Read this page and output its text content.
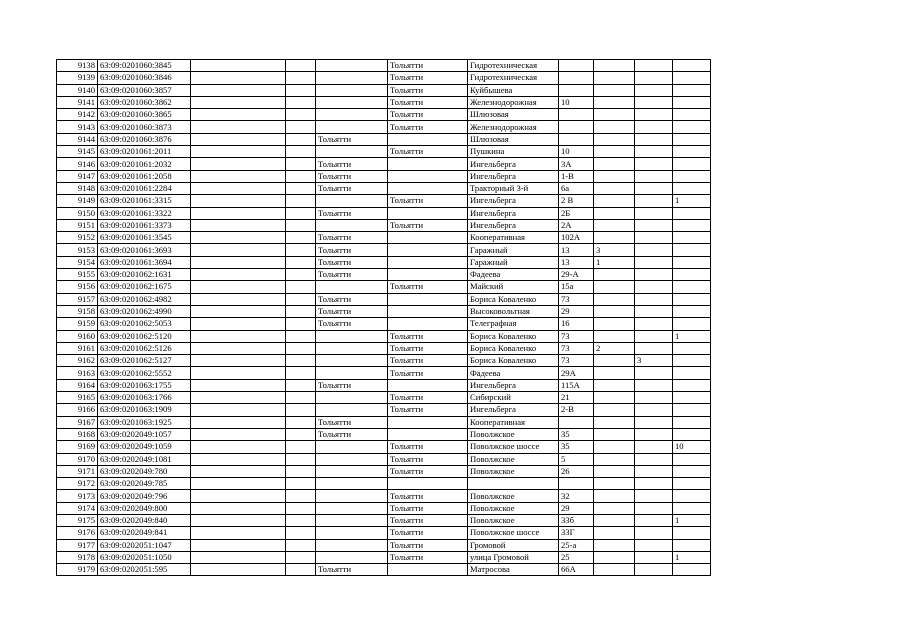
9138	63:09:0201060:3845				Тольятти	Гидротехническая				
9139	63:09:0201060:3846				Тольятти	Гидротехническая				
9140	63:09:0201060:3857				Тольятти	Куйбышева				
9141	63:09:0201060:3862				Тольятти	Железнодорожная	10			
9142	63:09:0201060:3865				Тольятти	Шлюзовая				
9143	63:09:0201060:3873				Тольятти	Железнодорожная				
9144	63:09:0201060:3876			Тольятти		Шлюзовая				
9145	63:09:0201061:2011				Тольятти	Пушкина	10			
9146	63:09:0201061:2032			Тольятти		Ингельберга	3А			
9147	63:09:0201061:2058			Тольятти		Ингельберга	1-В			
9148	63:09:0201061:2284			Тольятти		Тракторный 3-й	6а			
9149	63:09:0201061:3315				Тольятти	Ингельберга	2 В			1
9150	63:09:0201061:3322			Тольятти		Ингельберга	2Б			
9151	63:09:0201061:3373				Тольятти	Ингельберга	2А			
9152	63:09:0201061:3545			Тольятти		Кооперативная	102А			
9153	63:09:0201061:3693			Тольятти		Гаражный	13	3		
9154	63:09:0201061:3694			Тольятти		Гаражный	13	1		
9155	63:09:0201062:1631			Тольятти		Фадеева	29-А			
9156	63:09:0201062:1675				Тольятти	Майский	15а			
9157	63:09:0201062:4982			Тольятти		Бориса Коваленко	73			
9158	63:09:0201062:4990			Тольятти		Высоковольтная	29			
9159	63:09:0201062:5053			Тольятти		Телеграфная	16			
9160	63:09:0201062:5120				Тольятти	Бориса Коваленко	73			1
9161	63:09:0201062:5126				Тольятти	Бориса Коваленко	73	2		
9162	63:09:0201062:5127				Тольятти	Бориса Коваленко	73		3	
9163	63:09:0201062:5552				Тольятти	Фадеева	29А			
9164	63:09:0201063:1755			Тольятти		Ингельберга	115А			
9165	63:09:0201063:1766				Тольятти	Сибирский	21			
9166	63:09:0201063:1909				Тольятти	Ингельберга	2-В			
9167	63:09:0201063:1925			Тольятти		Кооперативная				
9168	63:09:0202049:1057			Тольятти		Поволжское	35			
9169	63:09:0202049:1059				Тольятти	Поволжское шоссе	35			10
9170	63:09:0202049:1081				Тольятти	Поволжское	5			
9171	63:09:0202049:780				Тольятти	Поволжское	26			
9172	63:09:0202049:785									
9173	63:09:0202049:796				Тольятти	Поволжское	32			
9174	63:09:0202049:800				Тольятти	Поволжское	29			
9175	63:09:0202049:840				Тольятти	Поволжское	33б			1
9176	63:09:0202049:841				Тольятти	Поволжское шоссе	33Г			
9177	63:09:0202051:1047				Тольятти	Громовой	25-а			
9178	63:09:0202051:1050				Тольятти	улица Громовой	25			1
9179	63:09:0202051:595			Тольятти		Матросова	66А			
